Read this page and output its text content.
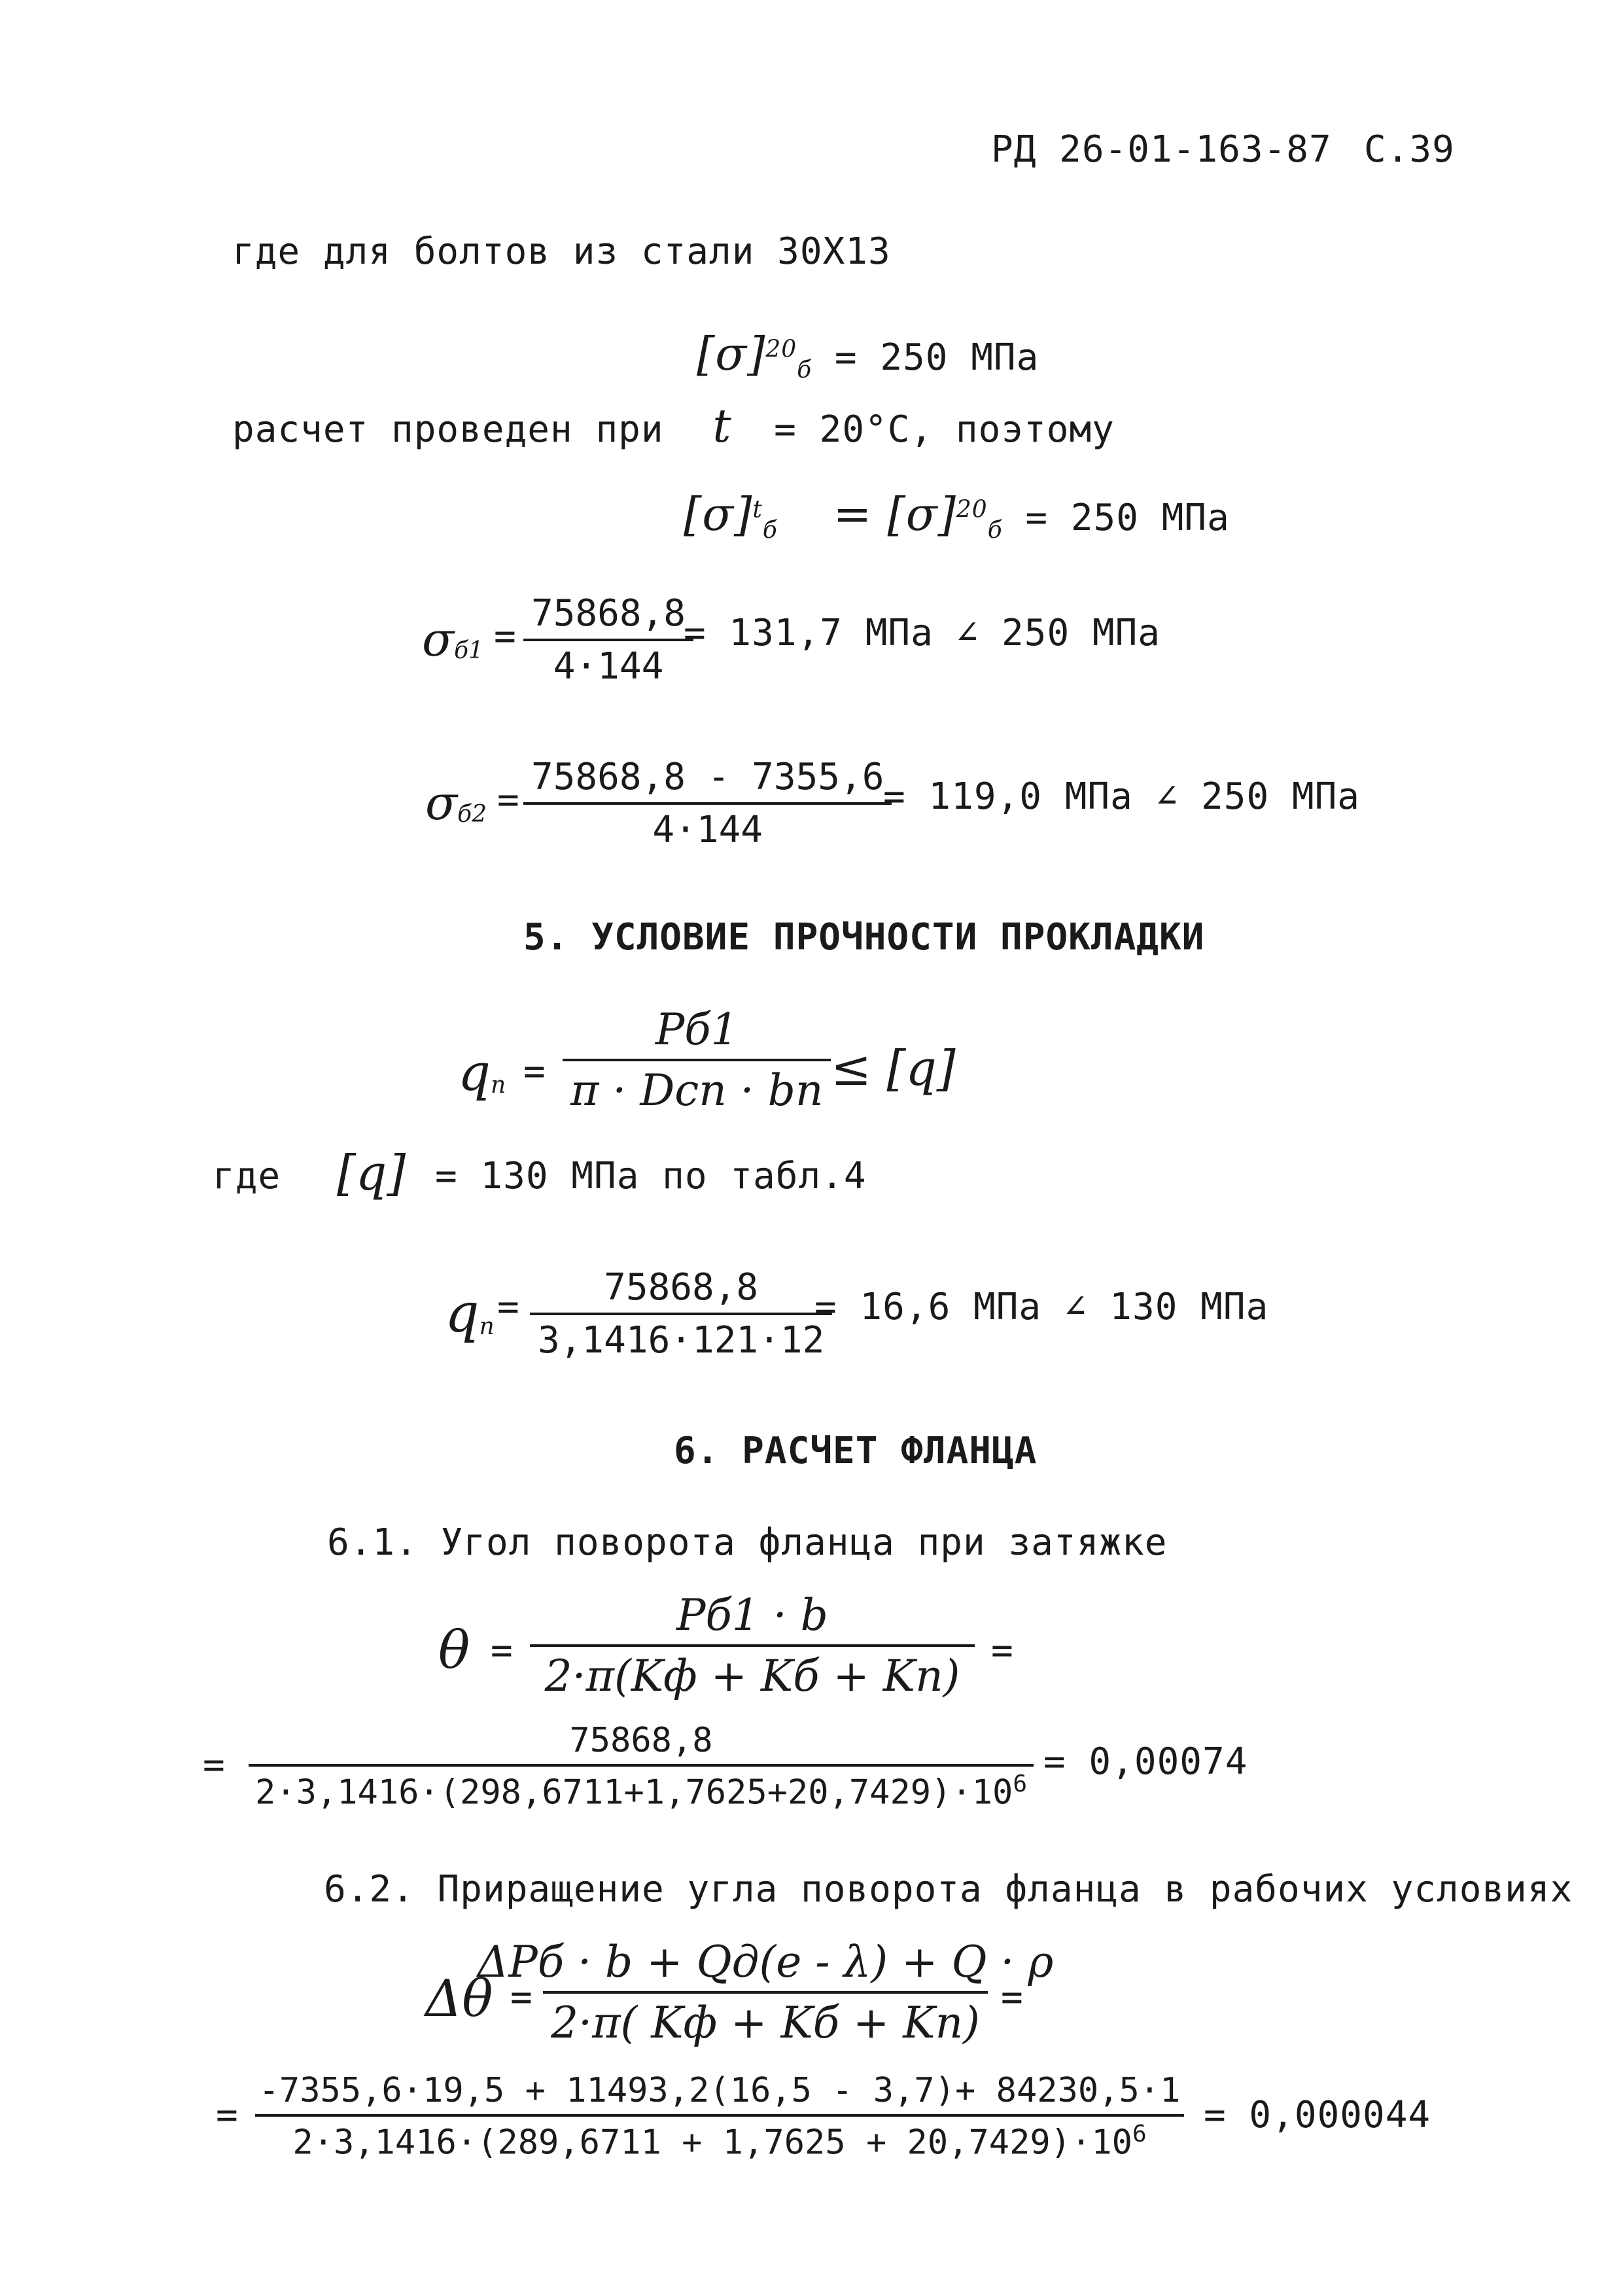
РД 26-01-163-87 С.39
где для болтов из стали 30Х13
$[\sigma]^{20}_б = 250$ МПа
расчет проведен при t = 20°С, поэтому
$[\sigma]^t_б = [\sigma]^{20}_б = 250$ МПа
$\sigma_{б1}$ =
75868,8
4·144
= 131,7 МПа ∠ 250 МПа
$\sigma_{б2}$ =
75868,8 - 7355,6
4·144
= 119,0 МПа ∠ 250 МПа
5. УСЛОВИЕ ПРОЧНОСТИ ПРОКЛАДКИ
$q_п$ =
Pб1
π · Dсп · bп ≤ [q]
где [q] = 130 МПа по табл.4
$q_п = 75868,8$
3,1416·121·12
= 16,6 МПа ∠ 130 МПа
6. РАСЧЕТ ФЛАНЦА
6.1. Угол поворота фланца при затяжке
θ =
Pб1 · b
2·π(Kф + Kб + Kп)
=
=
75868,8
$2\cdot 3,1416\cdot(298,6711+1,7625+20,7429)\cdot 10^6$
= 0,00074
6.2. Приращение угла поворота фланца в рабочих условиях
Δθ =
ΔPб · b + Qд(e - λ) + Q · ρ
2·π( Kф + Kб + Kп)
=
=
-7355,6·19,5 + 11493,2(16,5 - 3,7)+ 84230,5·1
$2\cdot 3,1416\cdot(289,6711 + 1,7625 + 20,7429)\cdot 10^6 = 0,000044$
